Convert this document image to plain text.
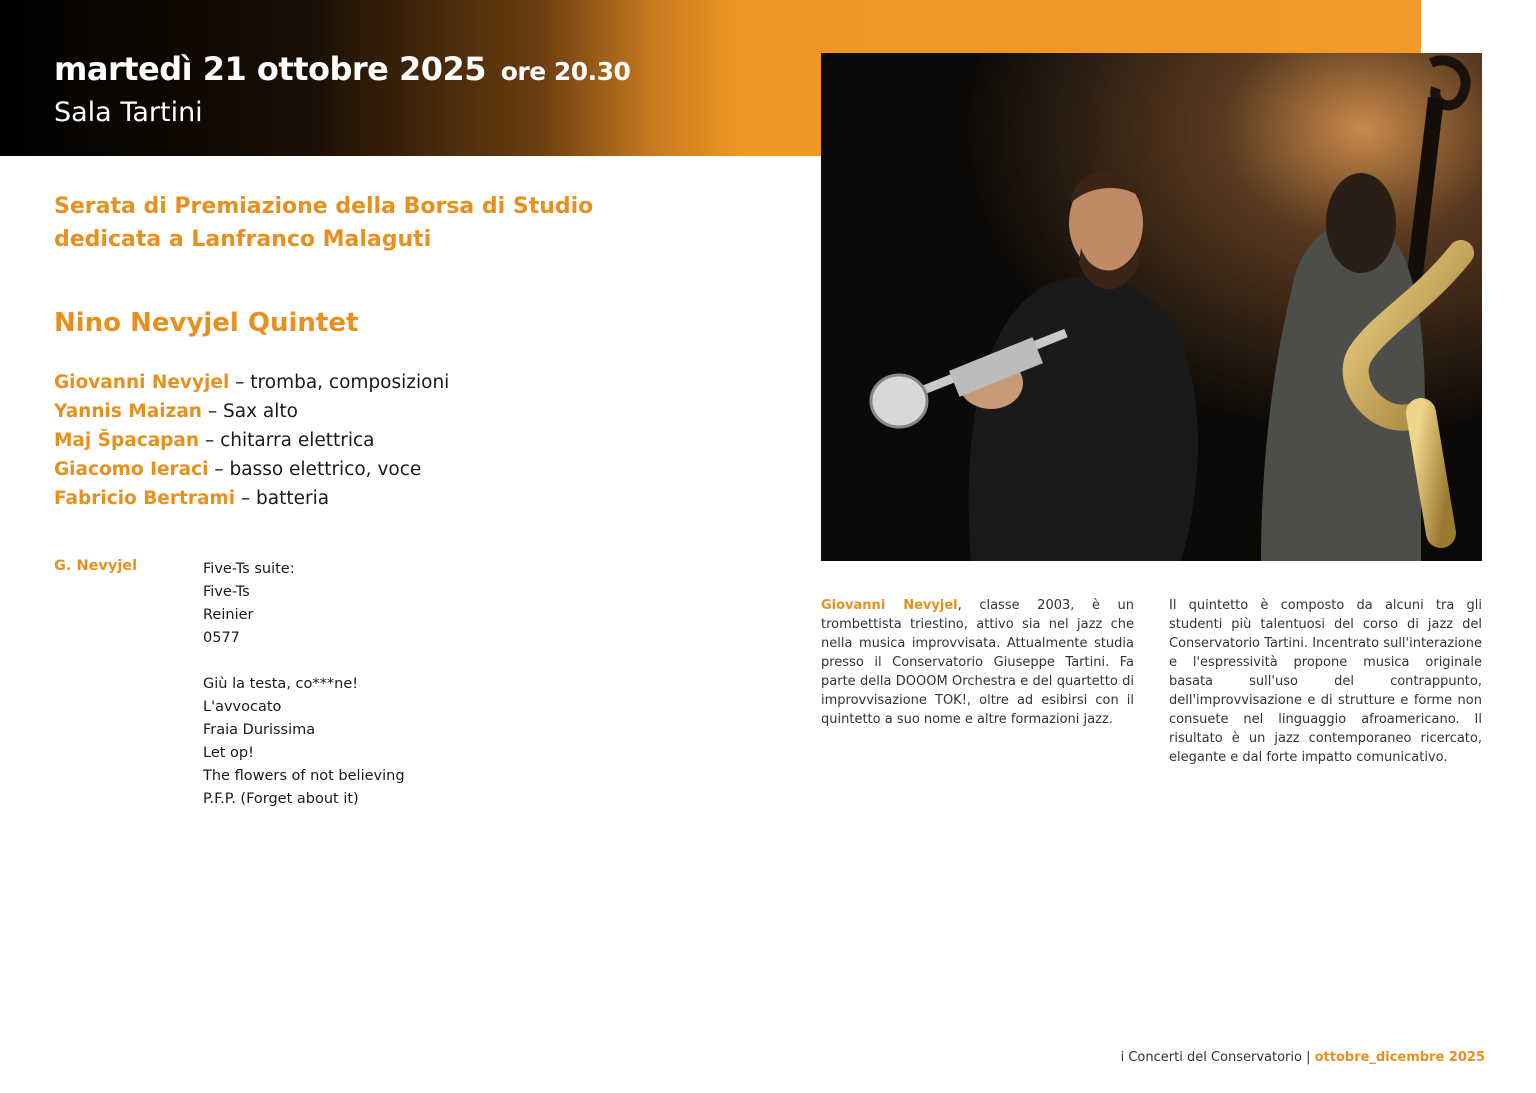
martedì 21 ottobre 2025 ore 20.30
Sala Tartini
Serata di Premiazione della Borsa di Studio
dedicata a Lanfranco Malaguti
Nino Nevyjel Quintet
Giovanni Nevyjel – tromba, composizioni
Yannis Maizan – Sax alto
Maj Špacapan – chitarra elettrica
Giacomo Ieraci – basso elettrico, voce
Fabricio Bertrami – batteria
G. Nevyjel	Five-Ts suite:
Five-Ts
Reinier
0577
Giù la testa, co***ne!
L'avvocato
Fraia Durissima
Let op!
The flowers of not believing
P.F.P. (Forget about it)
Giovanni Nevyjel, classe 2003, è un trombettista triestino, attivo sia nel jazz che nella musica improvvisata. Attualmente studia presso il Conservatorio Giuseppe Tartini. Fa parte della DOOOM Orchestra e del quartetto di improvvisazione TOK!, oltre ad esibirsi con il quintetto a suo nome e altre formazioni jazz.
Il quintetto è composto da alcuni tra gli studenti più talentuosi del corso di jazz del Conservatorio Tartini. Incentrato sull'interazione e l'espressività propone musica originale basata sull'uso del contrappunto, dell'improvvisazione e di strutture e forme non consuete nel linguaggio afroamericano. Il risultato è un jazz contemporaneo ricercato, elegante e dal forte impatto comunicativo.
i Concerti del Conservatorio | ottobre_dicembre 2025
